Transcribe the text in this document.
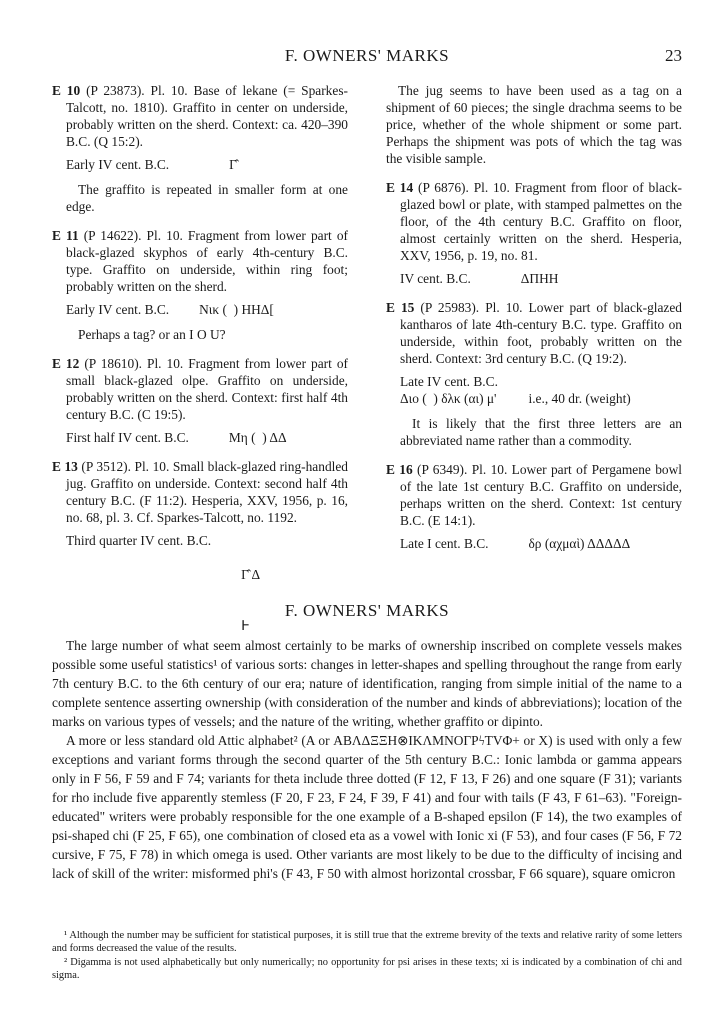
F. OWNERS' MARKS	23
E 10 (P 23873). Pl. 10. Base of lekane (= Sparkes-Talcott, no. 1810). Graffito in center on underside, probably written on the sherd. Context: ca. 420–390 B.C. (Q 15:2).
Early IV cent. B.C.	Γ̂
The graffito is repeated in smaller form at one edge.
E 11 (P 14622). Pl. 10. Fragment from lower part of black-glazed skyphos of early 4th-century B.C. type. Graffito on underside, within ring foot; probably written on the sherd.
Early IV cent. B.C. Νικ (  ) ΗΗΔ[
Perhaps a tag? or an I O U?
E 12 (P 18610). Pl. 10. Fragment from lower part of small black-glazed olpe. Graffito on underside, probably written on the sherd. Context: first half 4th century B.C. (C 19:5).
First half IV cent. B.C.	Μη (  ) ΔΔ
E 13 (P 3512). Pl. 10. Small black-glazed ring-handled jug. Graffito on underside. Context: second half 4th century B.C. (F 11:2). Hesperia, XXV, 1956, p. 16, no. 68, pl. 3. Cf. Sparkes-Talcott, no. 1192.
Third quarter IV cent. B.C.

Γ̂ Δ

Ͱ

The jug seems to have been used as a tag on a shipment of 60 pieces; the single drachma seems to be price, whether of the whole shipment or some part. Perhaps the shipment was pots of which the tag was the visible sample.
E 14 (P 6876). Pl. 10. Fragment from floor of black-glazed bowl or plate, with stamped palmettes on the floor, of the 4th century B.C. Graffito on floor, almost certainly written on the sherd. Hesperia, XXV, 1956, p. 19, no. 81.
IV cent. B.C.	ΔΠΗΗ
E 15 (P 25983). Pl. 10. Lower part of black-glazed kantharos of late 4th-century B.C. type. Graffito on underside, within foot, probably written on the sherd. Context: 3rd century B.C. (Q 19:2).
Late IV cent. B.C.
Διο (  ) δλκ (αι) μ' i.e., 40 dr. (weight)
It is likely that the first three letters are an abbreviated name rather than a commodity.
E 16 (P 6349). Pl. 10. Lower part of Pergamene bowl of the late 1st century B.C. Graffito on underside, perhaps written on the sherd. Context: 1st century B.C. (E 14:1).
Late I cent. B.C.	δρ (αχμαὶ) ΔΔΔΔΔ
F. OWNERS' MARKS

The large number of what seem almost certainly to be marks of ownership inscribed on complete vessels makes possible some useful statistics¹ of various sorts: changes in letter-shapes and spelling throughout the range from early 7th century B.C. to the 6th century of our era; nature of identification, ranging from simple initial of the name to a complete sentence asserting ownership (with consideration of the number and kinds of abbreviations); location of the marks on various types of vessels; and the nature of the writing, whether graffito or dipinto.

A more or less standard old Attic alphabet² (A or ΑΒΛΔΞΞΗ⊗ΙΚΛΜΝΟΓΡϟΤVΦ+ or X) is used with only a few exceptions and variant forms through the second quarter of the 5th century B.C.: Ionic lambda or gamma appears only in F 56, F 59 and F 74; variants for theta include three dotted (F 12, F 13, F 26) and one square (F 31); variants for rho include five apparently stemless (F 20, F 23, F 24, F 39, F 41) and four with tails (F 43, F 61–63). "Foreign-educated" writers were probably responsible for the one example of a B-shaped epsilon (F 14), the two examples of psi-shaped chi (F 25, F 65), one combination of closed eta as a vowel with Ionic xi (F 53), and four cases (F 56, F 72 cursive, F 75, F 78) in which omega is used. Other variants are most likely to be due to the difficulty of incising and lack of skill of the writer: misformed phi's (F 43, F 50 with almost horizontal crossbar, F 66 square), square omicron

¹ Although the number may be sufficient for statistical purposes, it is still true that the extreme brevity of the texts and relative rarity of some letters and forms decreased the value of the results.

² Digamma is not used alphabetically but only numerically; no opportunity for psi arises in these texts; xi is indicated by a combination of chi and sigma.
